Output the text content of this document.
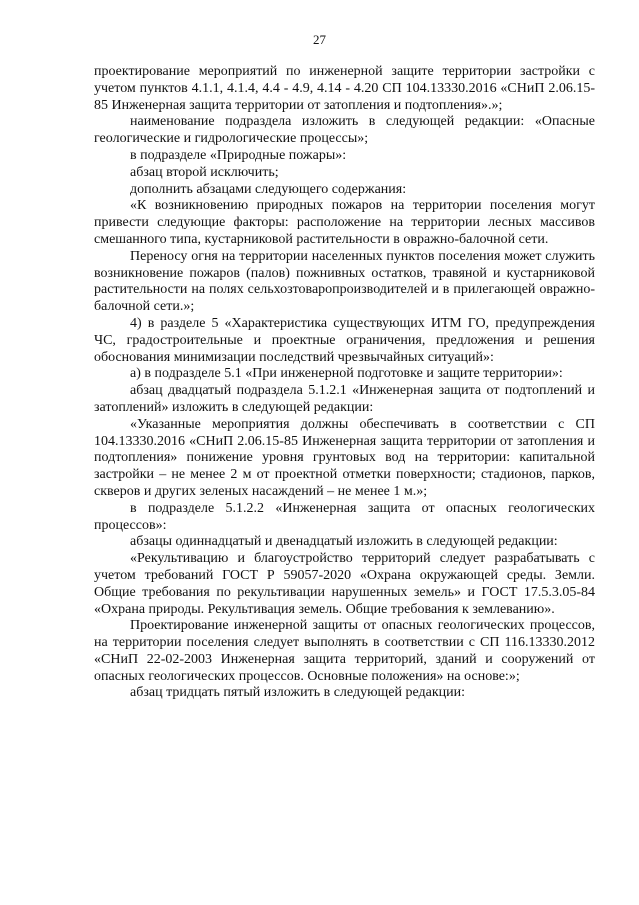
27

проектирование мероприятий по инженерной защите территории застройки с учетом пунктов 4.1.1, 4.1.4, 4.4 - 4.9, 4.14 - 4.20 СП 104.13330.2016 «СНиП 2.06.15-85 Инженерная защита территории от затопления и подтопления».»;

наименование подраздела изложить в следующей редакции: «Опасные геологические и гидрологические процессы»;

в подразделе «Природные пожары»:

абзац второй исключить;

дополнить абзацами следующего содержания:

«К возникновению природных пожаров на территории поселения могут привести следующие факторы: расположение на территории лесных массивов смешанного типа, кустарниковой растительности в овражно-балочной сети.

Переносу огня на территории населенных пунктов поселения может служить возникновение пожаров (палов) пожнивных остатков, травяной и кустарниковой растительности на полях сельхозтоваропроизводителей и в прилегающей овражно-балочной сети.»;

4) в разделе 5 «Характеристика существующих ИТМ ГО, предупреждения ЧС, градостроительные и проектные ограничения, предложения и решения обоснования минимизации последствий чрезвычайных ситуаций»:

а) в подразделе 5.1 «При инженерной подготовке и защите территории»:

абзац двадцатый подраздела 5.1.2.1 «Инженерная защита от подтоплений и затоплений» изложить в следующей редакции:

«Указанные мероприятия должны обеспечивать в соответствии с СП 104.13330.2016 «СНиП 2.06.15-85 Инженерная защита территории от затопления и подтопления» понижение уровня грунтовых вод на территории: капитальной застройки – не менее 2 м от проектной отметки поверхности; стадионов, парков, скверов и других зеленых насаждений – не менее 1 м.»;

в подразделе 5.1.2.2 «Инженерная защита от опасных геологических процессов»:

абзацы одиннадцатый и двенадцатый изложить в следующей редакции:

«Рекультивацию и благоустройство территорий следует разрабатывать с учетом требований ГОСТ Р 59057-2020 «Охрана окружающей среды. Земли. Общие требования по рекультивации нарушенных земель» и ГОСТ 17.5.3.05-84 «Охрана природы. Рекультивация земель. Общие требования к землеванию».

Проектирование инженерной защиты от опасных геологических процессов, на территории поселения следует выполнять в соответствии с СП 116.13330.2012 «СНиП 22-02-2003 Инженерная защита территорий, зданий и сооружений от опасных геологических процессов. Основные положения» на основе:»;

абзац тридцать пятый изложить в следующей редакции:
